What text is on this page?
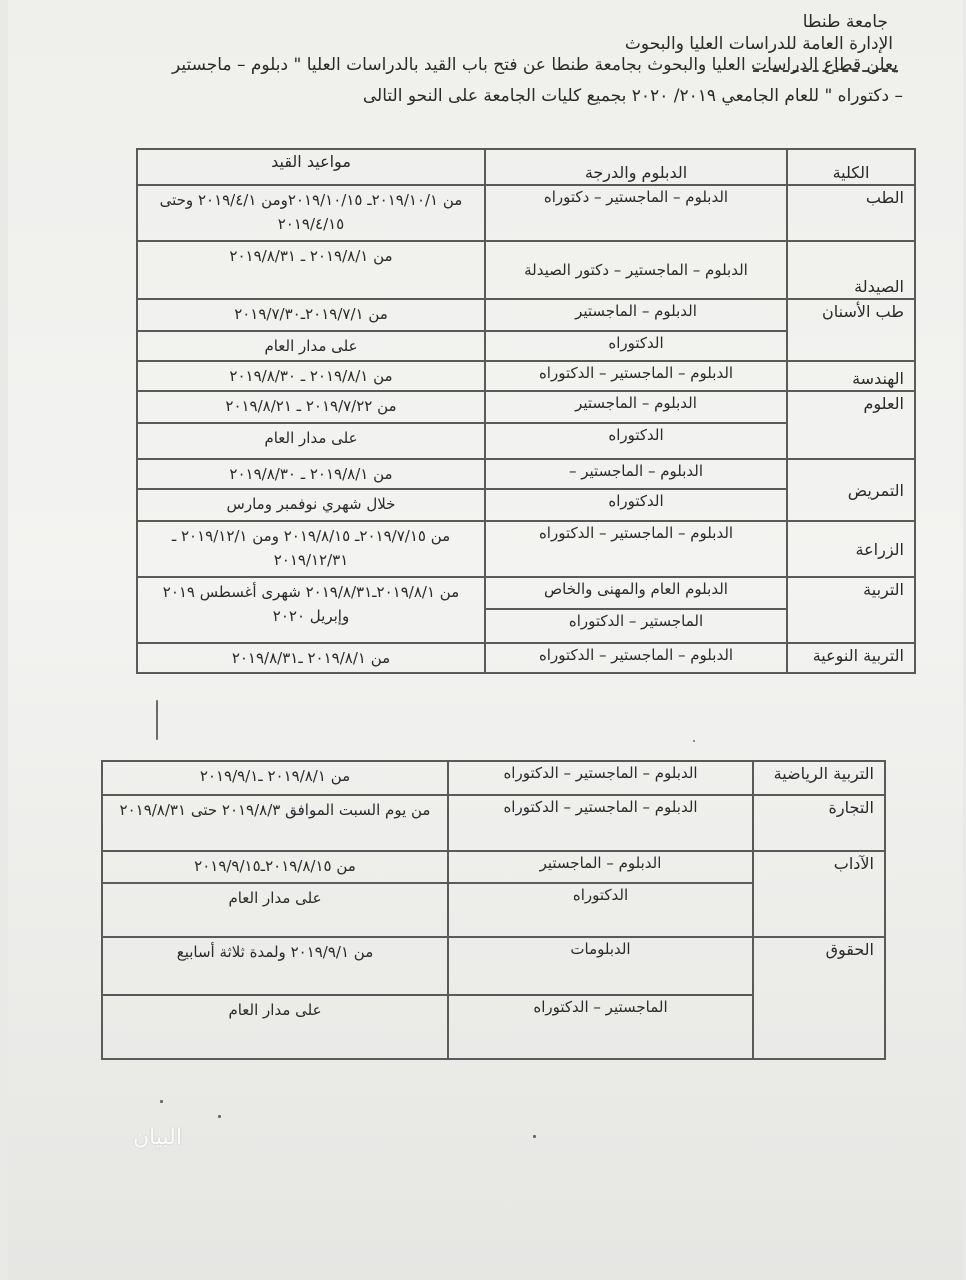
جامعة طنطا
الإدارة العامة للدراسات العليا والبحوث
يعلن قطاع الدراسات العليا والبحوث بجامعة طنطا عن فتح باب القيد بالدراسات العليا " دبلوم – ماجستير
– دكتوراه " للعام الجامعي ٢٠١٩/ ٢٠٢٠ بجميع كليات الجامعة على النحو التالى
الكلية	الدبلوم والدرجة	مواعيد القيد
الطب	الدبلوم – الماجستير – دكتوراه	من ٢٠١٩/١٠/١ـ ٢٠١٩/١٠/١٥ومن ٢٠١٩/٤/١ وحتى ٢٠١٩/٤/١٥
الصيدلة	الدبلوم – الماجستير – دكتور الصيدلة	من ٢٠١٩/٨/١ ـ ٢٠١٩/٨/٣١
طب الأسنان	الدبلوم – الماجستير	من ٢٠١٩/٧/١ـ٢٠١٩/٧/٣٠
	الدكتوراه	على مدار العام
الهندسة	الدبلوم – الماجستير – الدكتوراه	من ٢٠١٩/٨/١ ـ ٢٠١٩/٨/٣٠
العلوم	الدبلوم – الماجستير	من ٢٠١٩/٧/٢٢ ـ ٢٠١٩/٨/٢١
	الدكتوراه	على مدار العام
التمريض	الدبلوم – الماجستير –	من ٢٠١٩/٨/١ ـ ٢٠١٩/٨/٣٠
	الدكتوراه	خلال شهري نوفمبر ومارس
الزراعة	الدبلوم – الماجستير – الدكتوراه	من ٢٠١٩/٧/١٥ـ ٢٠١٩/٨/١٥ ومن ٢٠١٩/١٢/١ ـ ٢٠١٩/١٢/٣١
التربية	الدبلوم العام والمهنى والخاص	من ٢٠١٩/٨/١ـ٢٠١٩/٨/٣١ شهرى أغسطس ٢٠١٩ وإبريل ٢٠٢٠
	الماجستير – الدكتوراه	
التربية النوعية	الدبلوم – الماجستير – الدكتوراه	من ٢٠١٩/٨/١ ـ٢٠١٩/٨/٣١
التربية الرياضية	الدبلوم – الماجستير – الدكتوراه	من ٢٠١٩/٨/١ ـ٢٠١٩/٩/١
التجارة	الدبلوم – الماجستير – الدكتوراه	من يوم السبت الموافق ٢٠١٩/٨/٣ حتى ٢٠١٩/٨/٣١
الآداب	الدبلوم – الماجستير	من ٢٠١٩/٨/١٥ـ٢٠١٩/٩/١٥
	الدكتوراه	على مدار العام
الحقوق	الدبلومات	من ٢٠١٩/٩/١ ولمدة ثلاثة أسابيع
	الماجستير – الدكتوراه	على مدار العام
البيان
